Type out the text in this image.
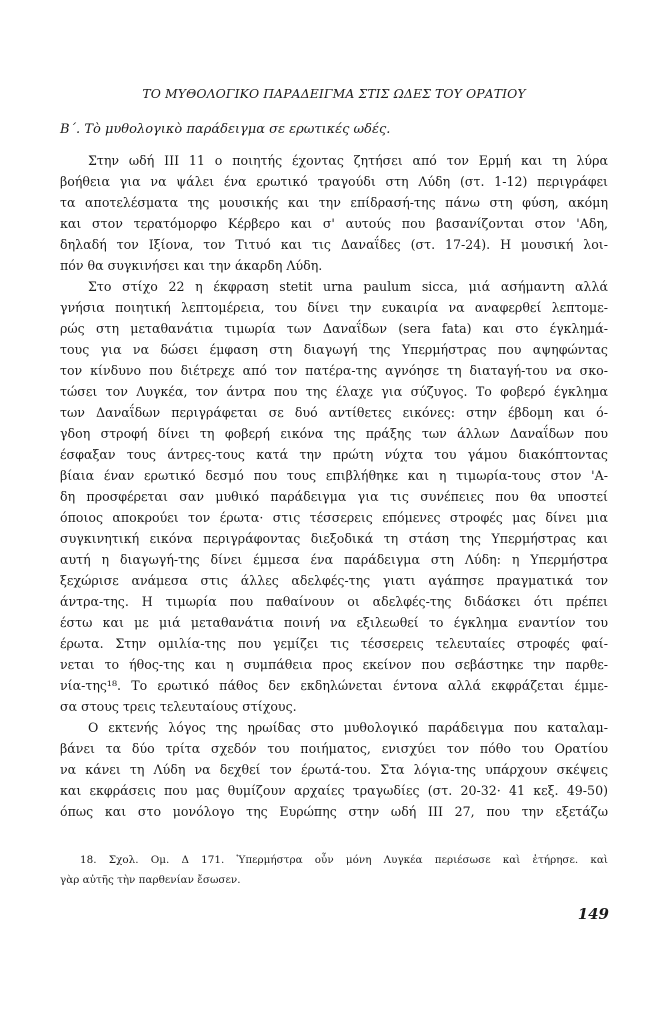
ΤΟ ΜΥΘΟΛΟΓΙΚΟ ΠΑΡΑΔΕΙΓΜΑ ΣΤΙΣ ΩΔΕΣ ΤΟΥ ΟΡΑΤΙΟΥ
Β΄. Τὸ μυθολογικὸ παράδειγμα σε ερωτικές ωδές.
Στην ωδή ΙΙΙ 11 ο ποιητής έχοντας ζητήσει από τον Ερμή και τη λύρα
βοήθεια για να ψάλει ένα ερωτικό τραγούδι στη Λύδη (στ. 1-12) περιγράφει
τα αποτελέσματα της μουσικής και την επίδρασή-της πάνω στη φύση, ακόμη
και στον τερατόμορφο Κέρβερο και σ' αυτούς που βασανίζονται στον 'Αδη,
δηλαδή τον Ιξίονα, τον Τιτυό και τις Δαναΐδες (στ. 17-24). Η μουσική λοι-
πόν θα συγκινήσει και την άκαρδη Λύδη.
Στο στίχο 22 η έκφραση stetit urna paulum sicca, μιά ασήμαντη αλλά
γνήσια ποιητική λεπτομέρεια, του δίνει την ευκαιρία να αναφερθεί λεπτομε-
ρώς στη μεταθανάτια τιμωρία των Δαναΐδων (sera fata) και στο έγκλημά-
τους για να δώσει έμφαση στη διαγωγή της Υπερμήστρας που αψηφώντας
τον κίνδυνο που διέτρεχε από τον πατέρα-της αγνόησε τη διαταγή-του να σκο-
τώσει τον Λυγκέα, τον άντρα που της έλαχε για σύζυγος. Το φοβερό έγκλημα
των Δαναΐδων περιγράφεται σε δυό αντίθετες εικόνες: στην έβδομη και ό-
γδοη στροφή δίνει τη φοβερή εικόνα της πράξης των άλλων Δαναΐδων που
έσφαξαν τους άντρες-τους κατά την πρώτη νύχτα του γάμου διακόπτοντας
βίαια έναν ερωτικό δεσμό που τους επιβλήθηκε και η τιμωρία-τους στον 'Α-
δη προσφέρεται σαν μυθικό παράδειγμα για τις συνέπειες που θα υποστεί
όποιος αποκρούει τον έρωτα· στις τέσσερεις επόμενες στροφές μας δίνει μια
συγκινητική εικόνα περιγράφοντας διεξοδικά τη στάση της Υπερμήστρας και
αυτή η διαγωγή-της δίνει έμμεσα ένα παράδειγμα στη Λύδη: η Υπερμήστρα
ξεχώρισε ανάμεσα στις άλλες αδελφές-της γιατι αγάπησε πραγματικά τον
άντρα-της. Η τιμωρία που παθαίνουν οι αδελφές-της διδάσκει ότι πρέπει
έστω και με μιά μεταθανάτια ποινή να εξιλεωθεί το έγκλημα εναντίον του
έρωτα. Στην ομιλία-της που γεμίζει τις τέσσερεις τελευταίες στροφές φαί-
νεται το ήθος-της και η συμπάθεια προς εκείνον που σεβάστηκε την παρθε-
νία-της¹⁸. Το ερωτικό πάθος δεν εκδηλώνεται έντονα αλλά εκφράζεται έμμε-
σα στους τρεις τελευταίους στίχους.
Ο εκτενής λόγος της ηρωίδας στο μυθολογικό παράδειγμα που καταλαμ-
βάνει τα δύο τρίτα σχεδόν του ποιήματος, ενισχύει τον πόθο του Ορατίου
να κάνει τη Λύδη να δεχθεί τον έρωτά-του. Στα λόγια-της υπάρχουν σκέψεις
και εκφράσεις που μας θυμίζουν αρχαίες τραγωδίες (στ. 20-32· 41 κεξ. 49-50)
όπως και στο μονόλογο της Ευρώπης στην ωδή ΙΙΙ 27, που την εξετάζω
18. Σχολ. Ομ. Δ 171. Ὑπερμήστρα οὖν μόνη Λυγκέα περιέσωσε καὶ ἐτήρησε. καὶ
γὰρ αὐτῆς τὴν παρθενίαν ἔσωσεν.
149
